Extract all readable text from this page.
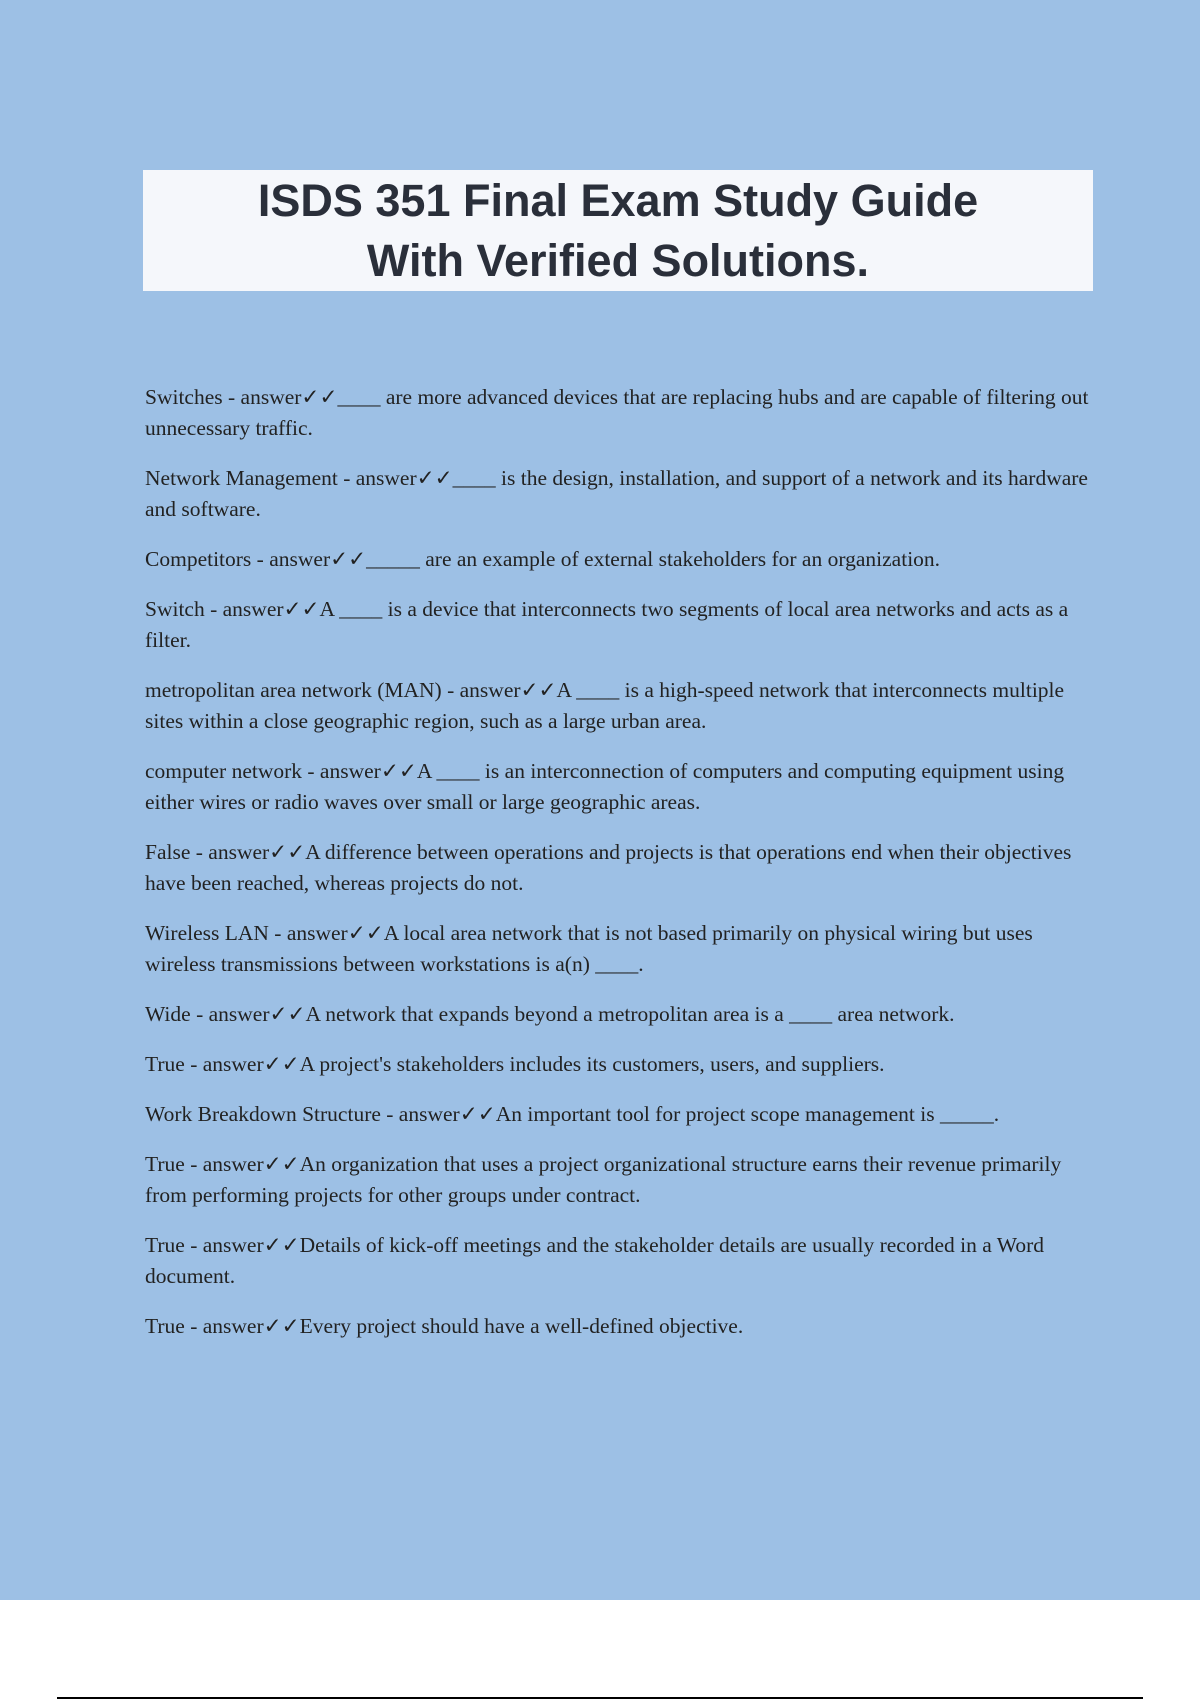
ISDS 351 Final Exam Study Guide
With Verified Solutions.
Switches - answer✓✓____ are more advanced devices that are replacing hubs and are capable of filtering out unnecessary traffic.
Network Management - answer✓✓____ is the design, installation, and support of a network and its hardware and software.
Competitors - answer✓✓_____ are an example of external stakeholders for an organization.
Switch - answer✓✓A ____ is a device that interconnects two segments of local area networks and acts as a filter.
metropolitan area network (MAN) - answer✓✓A ____ is a high-speed network that interconnects multiple sites within a close geographic region, such as a large urban area.
computer network - answer✓✓A ____ is an interconnection of computers and computing equipment using either wires or radio waves over small or large geographic areas.
False - answer✓✓A difference between operations and projects is that operations end when their objectives have been reached, whereas projects do not.
Wireless LAN - answer✓✓A local area network that is not based primarily on physical wiring but uses wireless transmissions between workstations is a(n) ____.
Wide - answer✓✓A network that expands beyond a metropolitan area is a ____ area network.
True - answer✓✓A project's stakeholders includes its customers, users, and suppliers.
Work Breakdown Structure - answer✓✓An important tool for project scope management is _____.
True - answer✓✓An organization that uses a project organizational structure earns their revenue primarily from performing projects for other groups under contract.
True - answer✓✓Details of kick-off meetings and the stakeholder details are usually recorded in a Word document.
True - answer✓✓Every project should have a well-defined objective.
